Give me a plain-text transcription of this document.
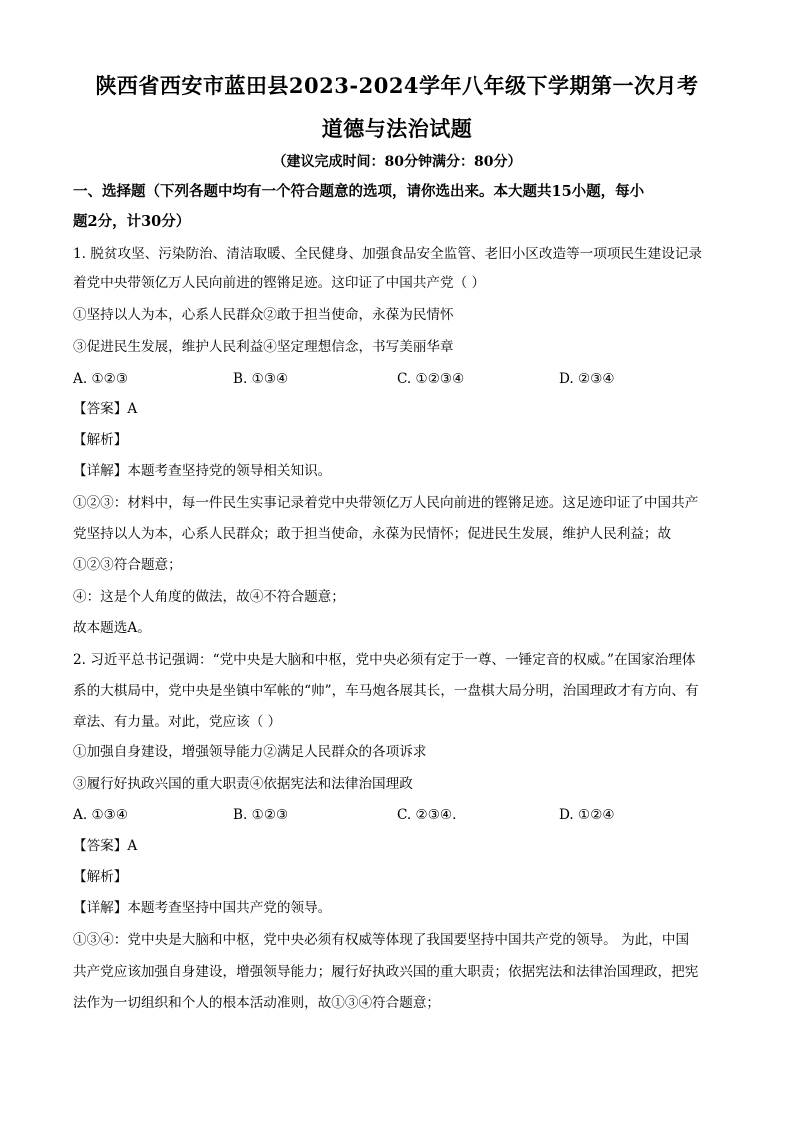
陕西省西安市蓝田县2023-2024学年八年级下学期第一次月考
道德与法治试题
（建议完成时间：80分钟满分：80分）
一、选择题（下列各题中均有一个符合题意的选项，请你选出来。本大题共15小题，每小
题2分，计30分）
1. 脱贫攻坚、污染防治、清洁取暖、全民健身、加强食品安全监管、老旧小区改造等一项项民生建设记录
着党中央带领亿万人民向前进的铿锵足迹。这印证了中国共产党（ ）
①坚持以人为本，心系人民群众②敢于担当使命，永葆为民情怀
③促进民生发展，维护人民利益④坚定理想信念，书写美丽华章
A. ①②③	B. ①③④	C. ①②③④	D. ②③④
【答案】A
【解析】
【详解】本题考查坚持党的领导相关知识。
①②③：材料中，每一件民生实事记录着党中央带领亿万人民向前进的铿锵足迹。这足迹印证了中国共产
党坚持以人为本，心系人民群众；敢于担当使命，永葆为民情怀；促进民生发展，维护人民利益；故
①②③符合题意；
④：这是个人角度的做法，故④不符合题意；
故本题选A。
2. 习近平总书记强调：“党中央是大脑和中枢，党中央必须有定于一尊、一锤定音的权威。”在国家治理体
系的大棋局中，党中央是坐镇中军帐的“帅”，车马炮各展其长，一盘棋大局分明，治国理政才有方向、有
章法、有力量。对此，党应该（ ）
①加强自身建设，增强领导能力②满足人民群众的各项诉求
③履行好执政兴国的重大职责④依据宪法和法律治国理政
A. ①③④	B. ①②③	C. ②③④.	D. ①②④
【答案】A
【解析】
【详解】本题考查坚持中国共产党的领导。
①③④：党中央是大脑和中枢，党中央必须有权威等体现了我国要坚持中国共产党的领导。 为此，中国
共产党应该加强自身建设，增强领导能力；履行好执政兴国的重大职责；依据宪法和法律治国理政，把宪
法作为一切组织和个人的根本活动准则，故①③④符合题意；
